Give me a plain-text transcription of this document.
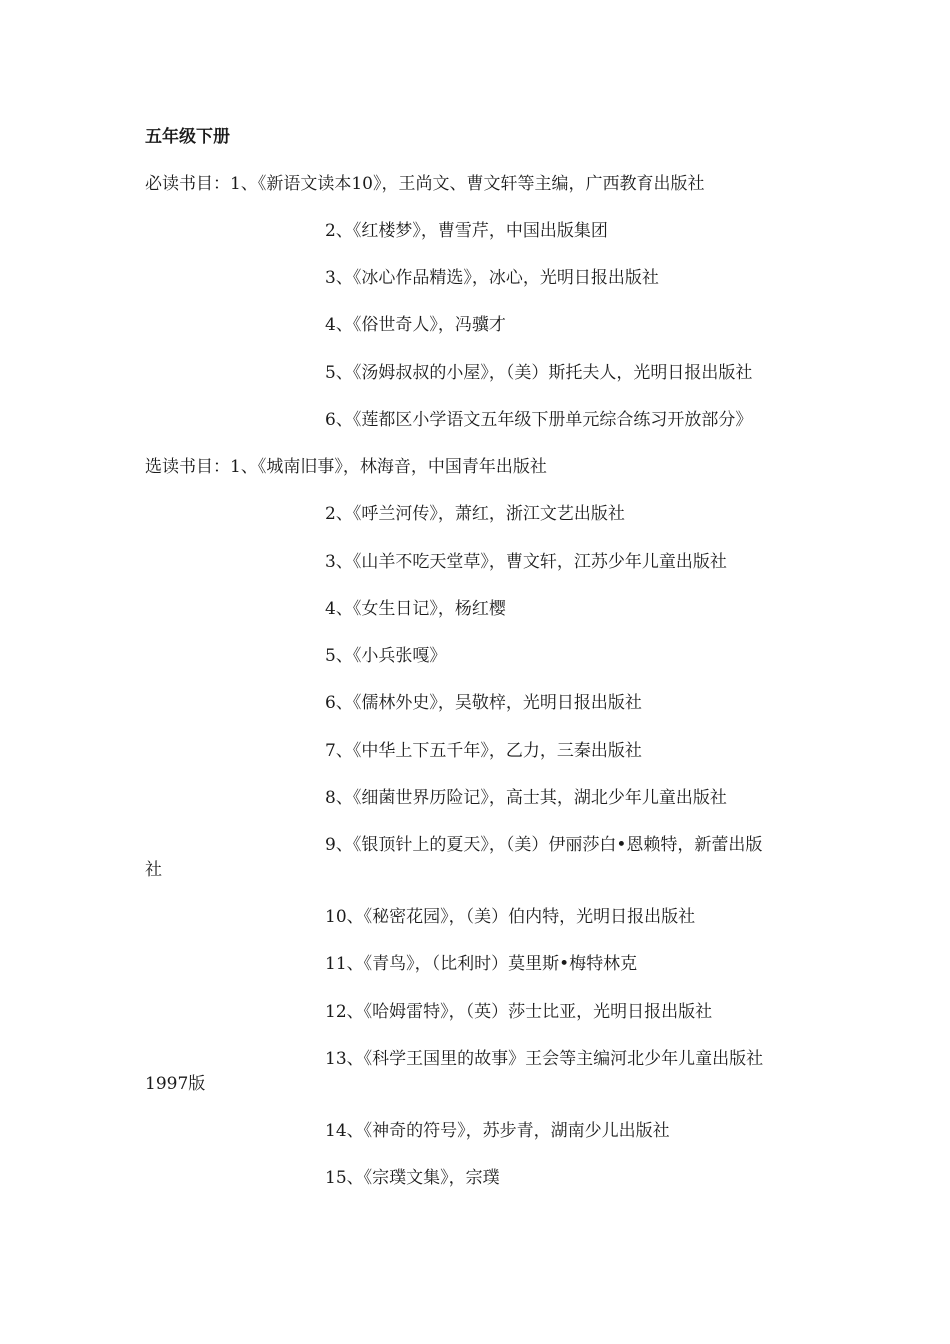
五年级下册
必读书目：1、《新语文读本10》，王尚文、曹文轩等主编，广西教育出版社
2、《红楼梦》，曹雪芹，中国出版集团
3、《冰心作品精选》，冰心，光明日报出版社
4、《俗世奇人》，冯骥才
5、《汤姆叔叔的小屋》，（美）斯托夫人，光明日报出版社
6、《莲都区小学语文五年级下册单元综合练习开放部分》
选读书目：1、《城南旧事》，林海音，中国青年出版社
2、《呼兰河传》，萧红，浙江文艺出版社
3、《山羊不吃天堂草》，曹文轩，江苏少年儿童出版社
4、《女生日记》，杨红樱
5、《小兵张嘎》
6、《儒林外史》，吴敬梓，光明日报出版社
7、《中华上下五千年》，乙力，三秦出版社
8、《细菌世界历险记》，高士其，湖北少年儿童出版社
9、《银顶针上的夏天》，（美）伊丽莎白•恩赖特，新蕾出版
社
10、《秘密花园》，（美）伯内特，光明日报出版社
11、《青鸟》，（比利时）莫里斯•梅特林克
12、《哈姆雷特》，（英）莎士比亚，光明日报出版社
13、《科学王国里的故事》王会等主编河北少年儿童出版社
1997版
14、《神奇的符号》，苏步青，湖南少儿出版社
15、《宗璞文集》，宗璞
